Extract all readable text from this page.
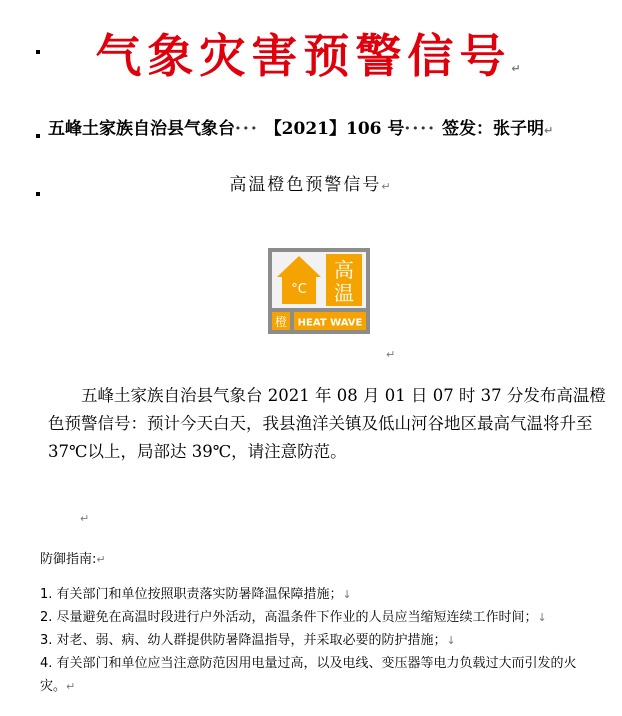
气象灾害预警信号↵
五峰土家族自治县气象台··· 【2021】106 号···· 签发：张子明↵
高温橙色预警信号↵
°C
高
温
橙 HEAT WAVE
↵
五峰土家族自治县气象台 2021 年 08 月 01 日 07 时 37 分发布高温橙色预警信号：预计今天白天，我县渔洋关镇及低山河谷地区最高气温将升至 37℃以上，局部达 39℃，请注意防范。
↵
防御指南:↵
1. 有关部门和单位按照职责落实防暑降温保障措施；↓
2. 尽量避免在高温时段进行户外活动，高温条件下作业的人员应当缩短连续工作时间；↓
3. 对老、弱、病、幼人群提供防暑降温指导，并采取必要的防护措施；↓
4. 有关部门和单位应当注意防范因用电量过高，以及电线、变压器等电力负载过大而引发的火灾。↵
